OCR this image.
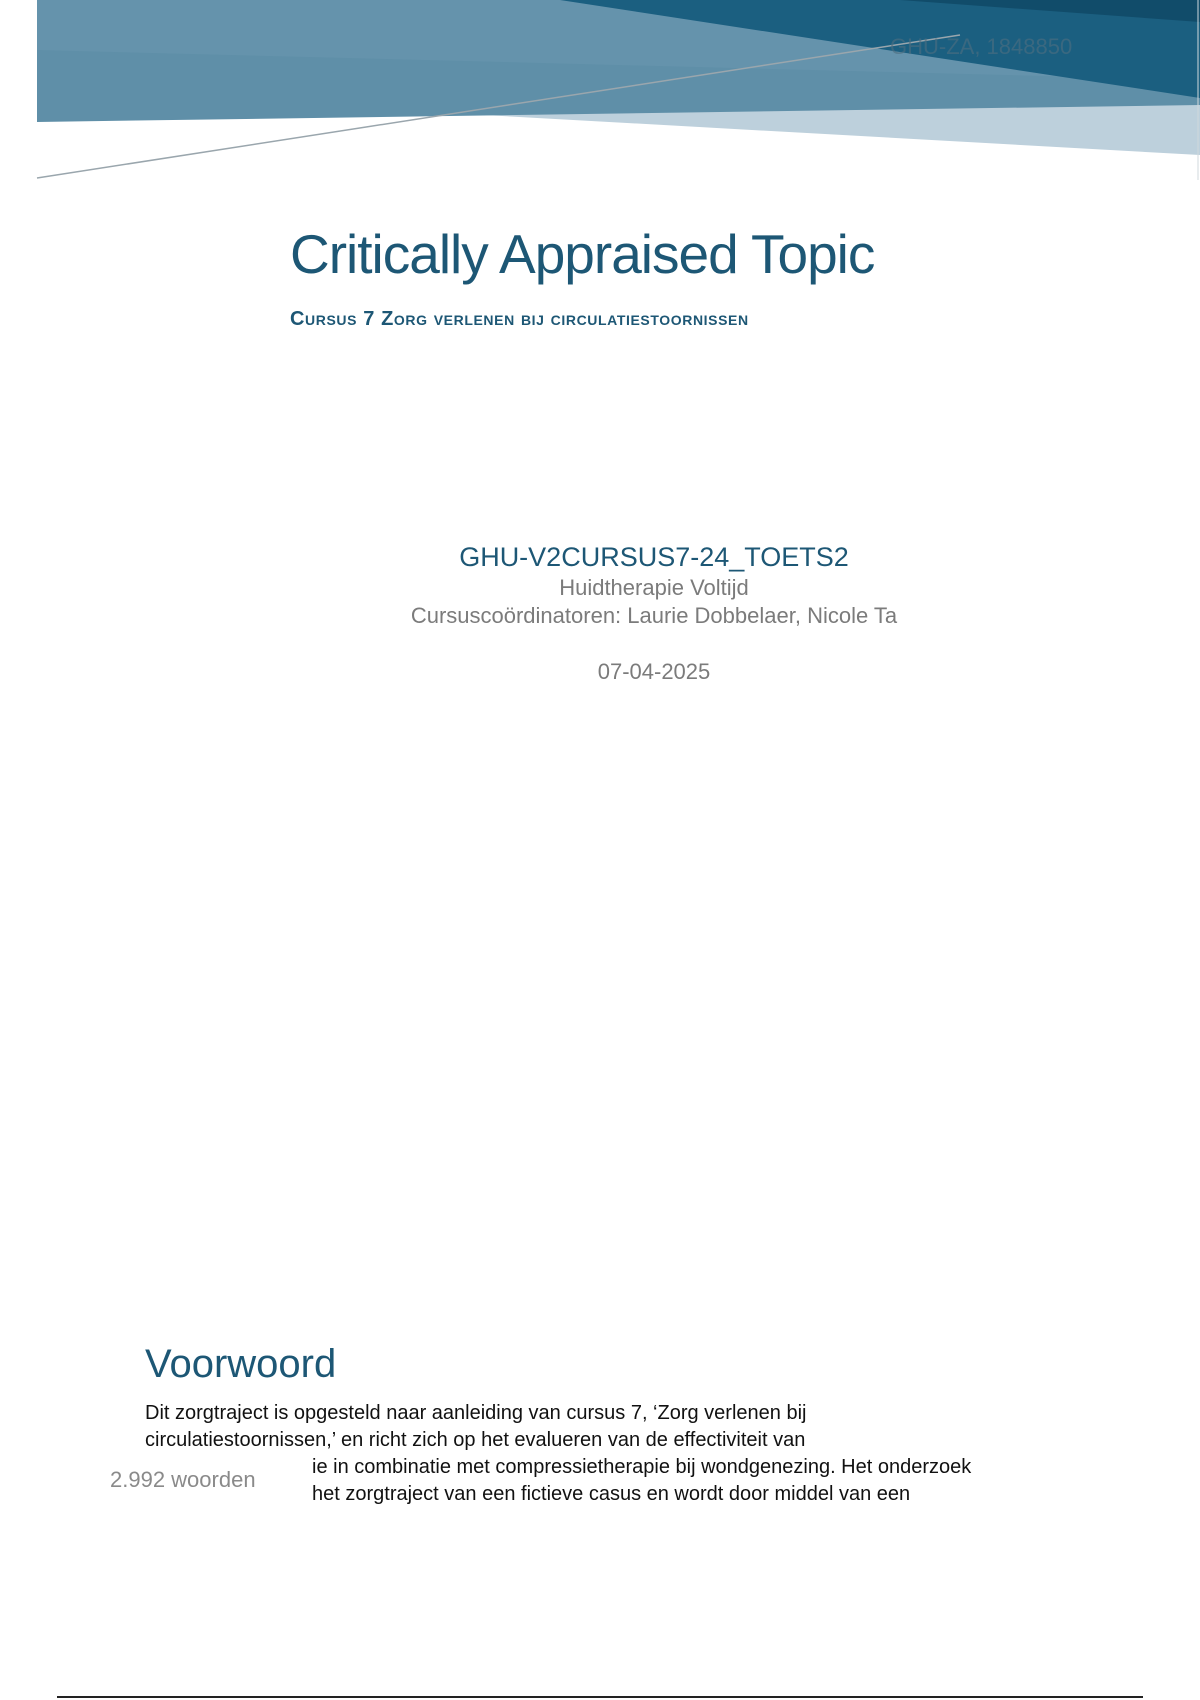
GHU-ZA, 1848850
Critically Appraised Topic
Cursus 7 Zorg verlenen bij circulatiestoornissen
GHU-V2CURSUS7-24_TOETS2
Huidtherapie Voltijd
Cursuscoördinatoren: Laurie Dobbelaer, Nicole Ta
07-04-2025
Voorwoord

Dit zorgtraject is opgesteld naar aanleiding van cursus 7, ‘Zorg verlenen bij

circulatiestoornissen,’ en richt zich op het evalueren van de effectiviteit van

ie in combinatie met compressietherapie bij wondgenezing. Het onderzoek

het zorgtraject van een fictieve casus en wordt door middel van een

2.992 woorden
